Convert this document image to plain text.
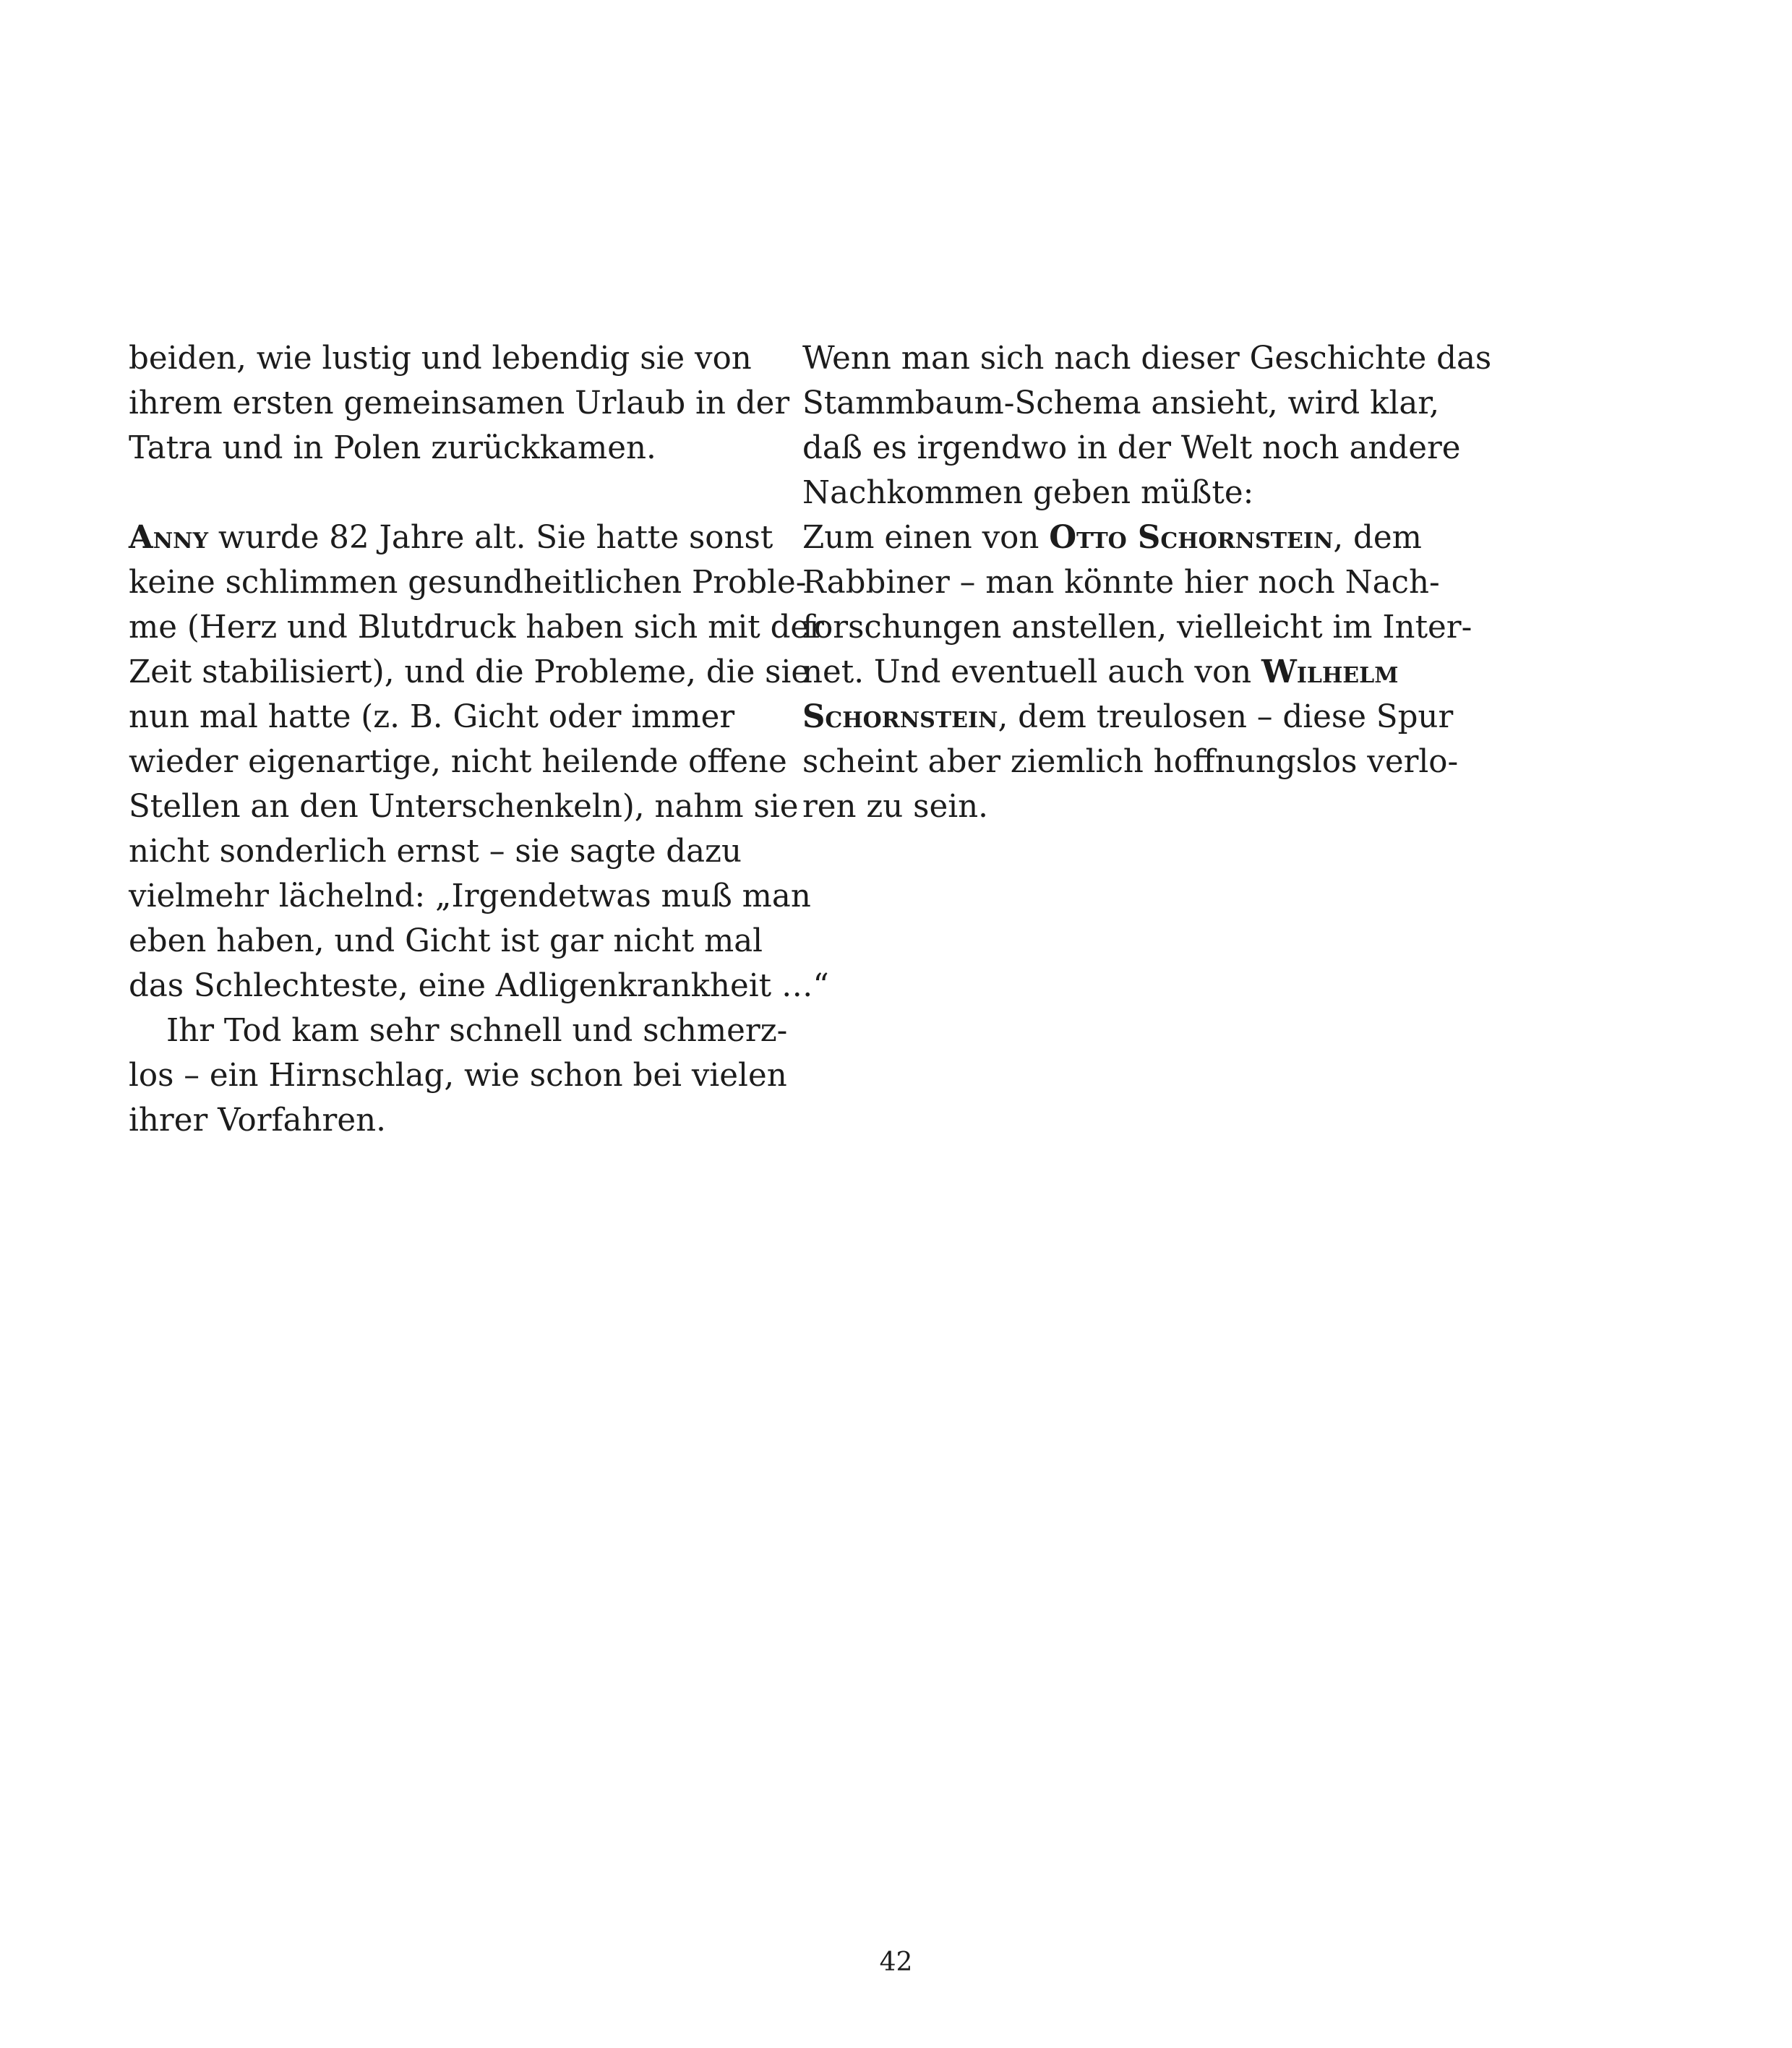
beiden, wie lustig und lebendig sie von
ihrem ersten gemeinsamen Urlaub in der
Tatra und in Polen zurückkamen.
Anny wurde 82 Jahre alt. Sie hatte sonst
keine schlimmen gesundheitlichen Proble-
me (Herz und Blutdruck haben sich mit der
Zeit stabilisiert), und die Probleme, die sie
nun mal hatte (z. B. Gicht oder immer
wieder eigenartige, nicht heilende offene
Stellen an den Unterschenkeln), nahm sie
nicht sonderlich ernst – sie sagte dazu
vielmehr lächelnd: „Irgendetwas muß man
eben haben, und Gicht ist gar nicht mal
das Schlechteste, eine Adligenkrankheit …“
Ihr Tod kam sehr schnell und schmerz-
los – ein Hirnschlag, wie schon bei vielen
ihrer Vorfahren.
Wenn man sich nach dieser Geschichte das
Stammbaum-Schema ansieht, wird klar,
daß es irgendwo in der Welt noch andere
Nachkommen geben müßte:
Zum einen von Otto Schornstein, dem
Rabbiner – man könnte hier noch Nach-
forschungen anstellen, vielleicht im Inter-
net. Und eventuell auch von Wilhelm
Schornstein, dem treulosen – diese Spur
scheint aber ziemlich hoffnungslos verlo-
ren zu sein.
42
